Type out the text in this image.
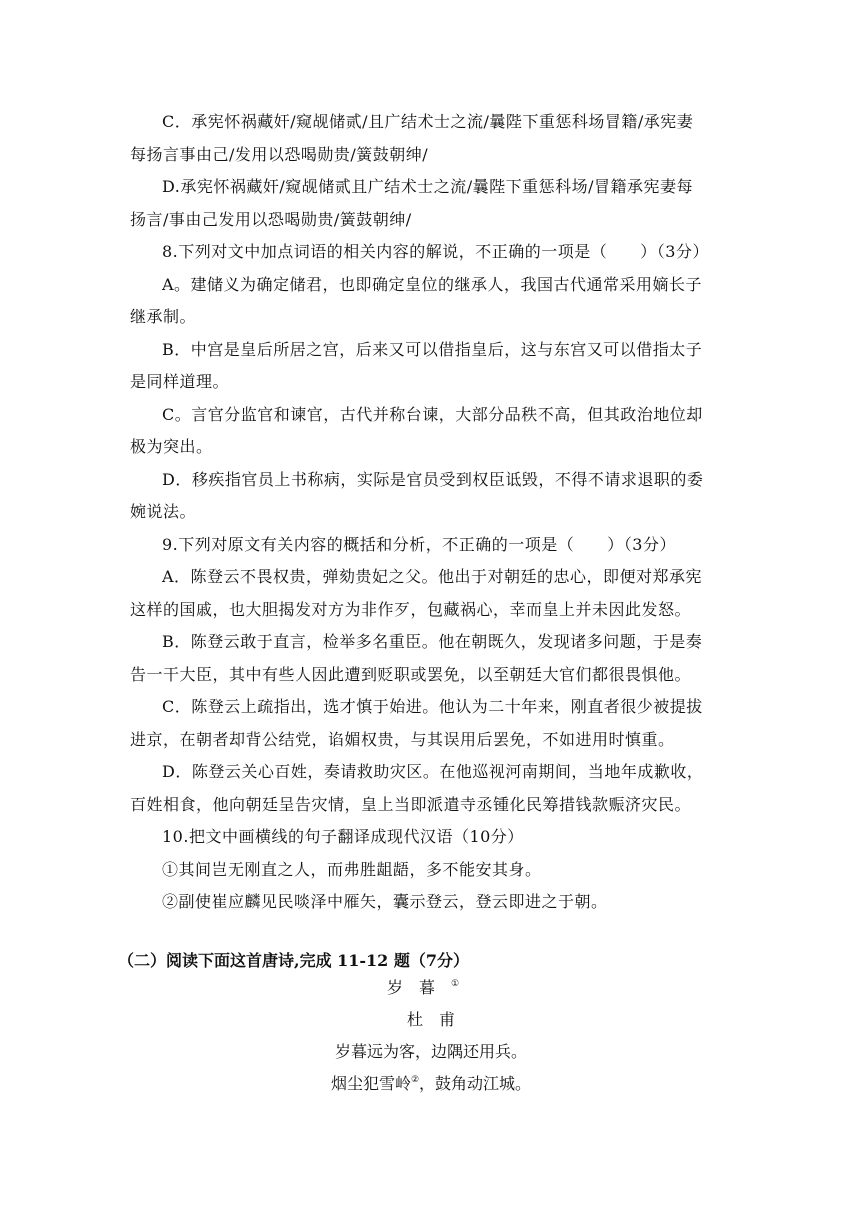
C．承宪怀祸藏奸/窥觇储贰/且广结术士之流/曩陛下重惩科场冒籍/承宪妻

每扬言事由己/发用以恐喝勋贵/簧鼓朝绅/

D.承宪怀祸藏奸/窥觇储贰且广结术士之流/曩陛下重惩科场/冒籍承宪妻每

扬言/事由己发用以恐喝勋贵/簧鼓朝绅/

8.下列对文中加点词语的相关内容的解说，不正确的一项是（　　）（3分）

A。建储义为确定储君，也即确定皇位的继承人，我国古代通常采用嫡长子

继承制。

B．中宫是皇后所居之宫，后来又可以借指皇后，这与东宫又可以借指太子

是同样道理。

C。言官分监官和谏官，古代并称台谏，大部分品秩不高，但其政治地位却

极为突出。

D．移疾指官员上书称病，实际是官员受到权臣诋毁，不得不请求退职的委

婉说法。

9.下列对原文有关内容的概括和分析，不正确的一项是（　　）（3分）

A．陈登云不畏权贵，弹劾贵妃之父。他出于对朝廷的忠心，即便对郑承宪

这样的国戚，也大胆揭发对方为非作歹，包藏祸心，幸而皇上并未因此发怒。

B．陈登云敢于直言，检举多名重臣。他在朝既久，发现诸多问题，于是奏

告一干大臣，其中有些人因此遭到贬职或罢免，以至朝廷大官们都很畏惧他。

C．陈登云上疏指出，选才慎于始进。他认为二十年来，刚直者很少被提拔

进京，在朝者却背公结党，谄媚权贵，与其误用后罢免，不如进用时慎重。

D．陈登云关心百姓，奏请救助灾区。在他巡视河南期间，当地年成歉收，

百姓相食，他向朝廷呈告灾情，皇上当即派遣寺丞锺化民筹措钱款赈济灾民。

10.把文中画横线的句子翻译成现代汉语（10分）

①其间岂无刚直之人，而弗胜龃龉，多不能安其身。

②副使崔应麟见民啖泽中雁矢，囊示登云，登云即进之于朝。

（二）阅读下面这首唐诗,完成 11-12 题（7分）
岁暮①
杜　甫
岁暮远为客，边隅还用兵。
烟尘犯雪岭②，鼓角动江城。
